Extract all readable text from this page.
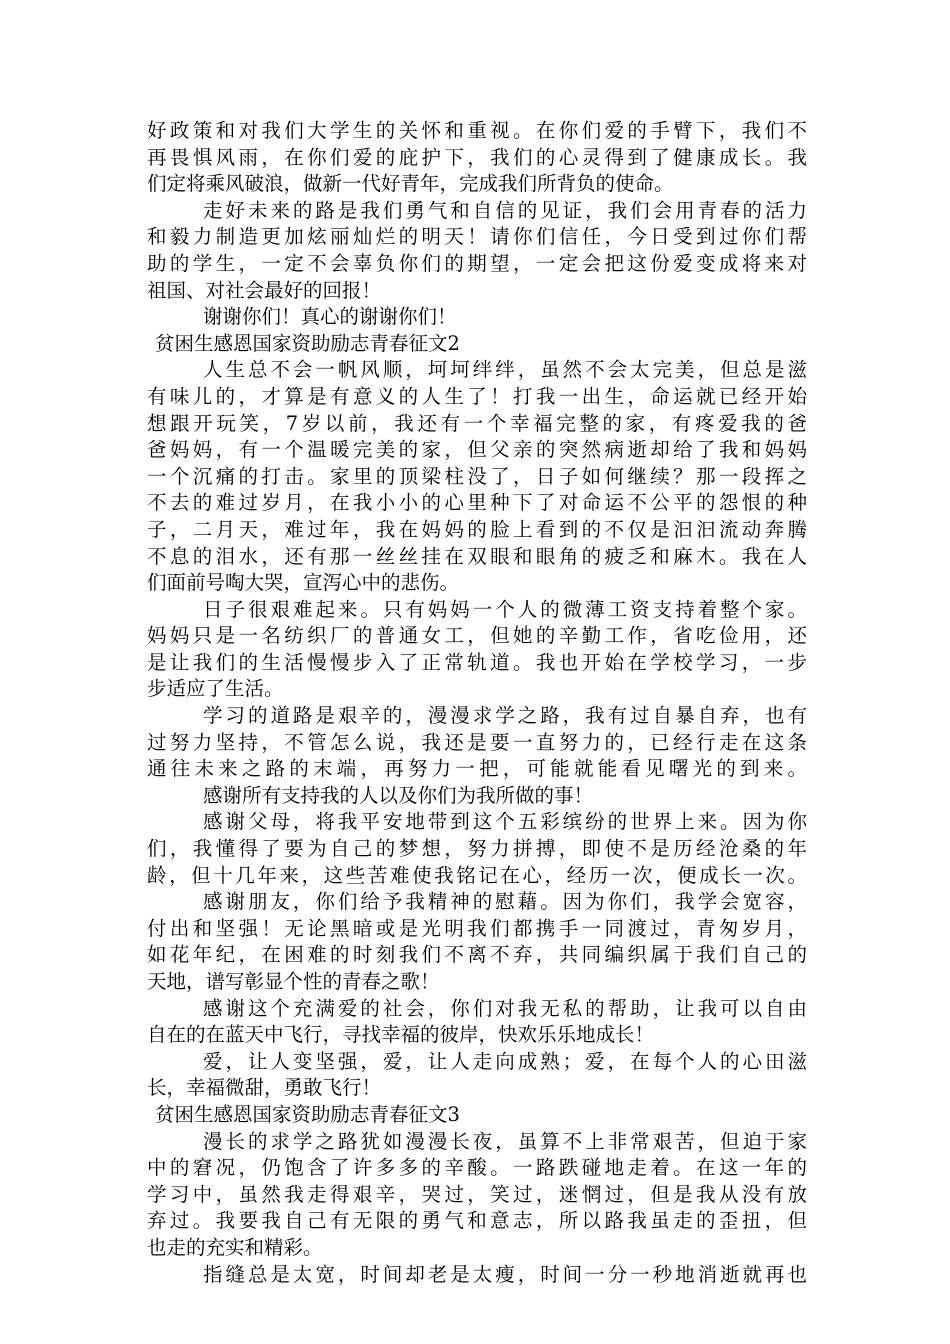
好政策和对我们大学生的关怀和重视。在你们爱的手臂下，我们不
再畏惧风雨，在你们爱的庇护下，我们的心灵得到了健康成长。我
们定将乘风破浪，做新一代好青年，完成我们所背负的使命。
走好未来的路是我们勇气和自信的见证，我们会用青春的活力
和毅力制造更加炫丽灿烂的明天！请你们信任，今日受到过你们帮
助的学生，一定不会辜负你们的期望，一定会把这份爱变成将来对
祖国、对社会最好的回报！
谢谢你们！真心的谢谢你们！
贫困生感恩国家资助励志青春征文2
人生总不会一帆风顺，坷坷绊绊，虽然不会太完美，但总是滋
有味儿的，才算是有意义的人生了！打我一出生，命运就已经开始
想跟开玩笑，7岁以前，我还有一个幸福完整的家，有疼爱我的爸
爸妈妈，有一个温暖完美的家，但父亲的突然病逝却给了我和妈妈
一个沉痛的打击。家里的顶梁柱没了，日子如何继续？那一段挥之
不去的难过岁月，在我小小的心里种下了对命运不公平的怨恨的种
子，二月天，难过年，我在妈妈的脸上看到的不仅是汩汩流动奔腾
不息的泪水，还有那一丝丝挂在双眼和眼角的疲乏和麻木。我在人
们面前号啕大哭，宣泻心中的悲伤。
日子很艰难起来。只有妈妈一个人的微薄工资支持着整个家。
妈妈只是一名纺织厂的普通女工，但她的辛勤工作，省吃俭用，还
是让我们的生活慢慢步入了正常轨道。我也开始在学校学习，一步
步适应了生活。
学习的道路是艰辛的，漫漫求学之路，我有过自暴自弃，也有
过努力坚持，不管怎么说，我还是要一直努力的，已经行走在这条
通往未来之路的末端，再努力一把，可能就能看见曙光的到来。
感谢所有支持我的人以及你们为我所做的事！
感谢父母，将我平安地带到这个五彩缤纷的世界上来。因为你
们，我懂得了要为自己的梦想，努力拼搏，即使不是历经沧桑的年
龄，但十几年来，这些苦难使我铭记在心，经历一次，便成长一次。
感谢朋友，你们给予我精神的慰藉。因为你们，我学会宽容，
付出和坚强！无论黑暗或是光明我们都携手一同渡过，青匆岁月，
如花年纪，在困难的时刻我们不离不弃，共同编织属于我们自己的
天地，谱写彰显个性的青春之歌！
感谢这个充满爱的社会，你们对我无私的帮助，让我可以自由
自在的在蓝天中飞行，寻找幸福的彼岸，快欢乐乐地成长！
爱，让人变坚强，爱，让人走向成熟；爱，在每个人的心田滋
长，幸福微甜，勇敢飞行！
贫困生感恩国家资助励志青春征文3
漫长的求学之路犹如漫漫长夜，虽算不上非常艰苦，但迫于家
中的窘况，仍饱含了许多多的辛酸。一路跌碰地走着。在这一年的
学习中，虽然我走得艰辛，哭过，笑过，迷惘过，但是我从没有放
弃过。我要我自己有无限的勇气和意志，所以路我虽走的歪扭，但
也走的充实和精彩。
指缝总是太宽，时间却老是太瘦，时间一分一秒地消逝就再也
